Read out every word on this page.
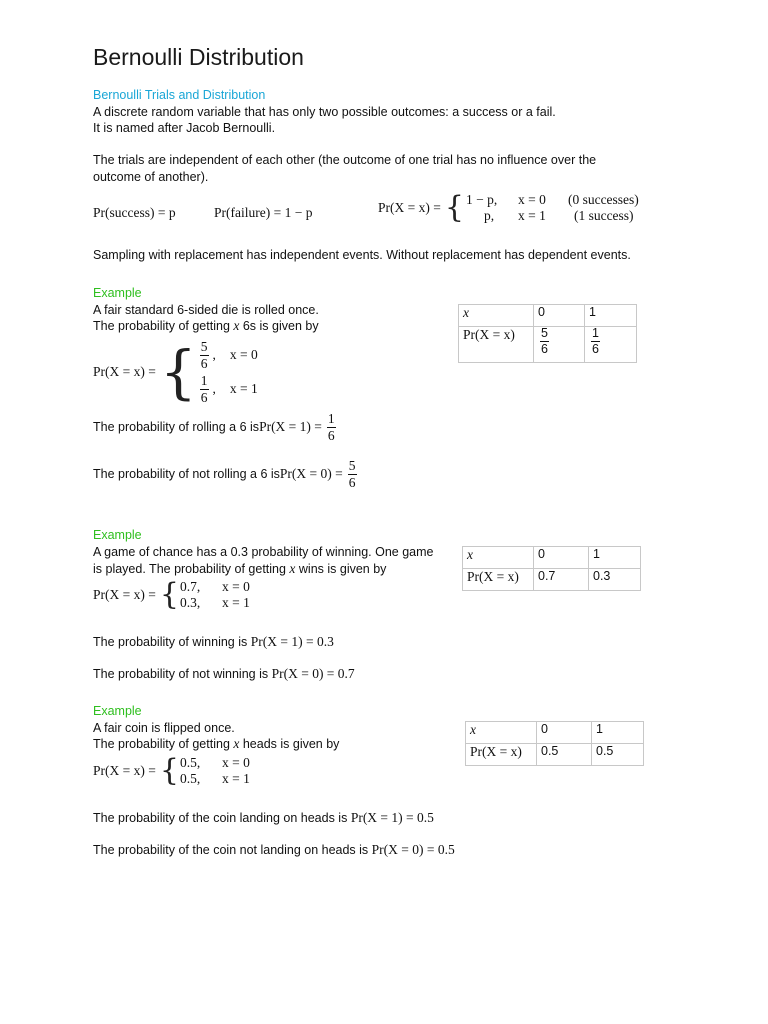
Bernoulli Distribution
Bernoulli Trials and Distribution
A discrete random variable that has only two possible outcomes: a success or a fail.
It is named after Jacob Bernoulli.
The trials are independent of each other (the outcome of one trial has no influence over the
outcome of another).
Pr(success) = p	Pr(failure) = 1 − p	Pr(X = x) = { 1 − p,	x = 0	(0 successes)
p,	x = 1	(1 success)
Sampling with replacement has independent events. Without replacement has dependent events.
Example
A fair standard 6-sided die is rolled once.
The probability of getting x 6s is given by
Pr(X = x) = { $\frac{5}{6}$ , x = 0
$\frac{1}{6}$ , x = 1
x	0	1
Pr(X = x)	$\frac{5}{6}$	$\frac{1}{6}$
The probability of rolling a 6 is $Pr(X = 1) = \frac{1}{6}$
The probability of not rolling a 6 is $Pr(X = 0) = \frac{5}{6}$
Example
A game of chance has a 0.3 probability of winning. One game
is played. The probability of getting x wins is given by
Pr(X = x) = { 0.7,	x = 0
0.3,	x = 1
x	0	1
Pr(X = x)	0.7	0.3
The probability of winning is Pr(X = 1) = 0.3
The probability of not winning is Pr(X = 0) = 0.7
Example
A fair coin is flipped once.
The probability of getting x heads is given by
Pr(X = x) = { 0.5,	x = 0
0.5,	x = 1
x	0	1
Pr(X = x)	0.5	0.5
The probability of the coin landing on heads is Pr(X = 1) = 0.5
The probability of the coin not landing on heads is Pr(X = 0) = 0.5
